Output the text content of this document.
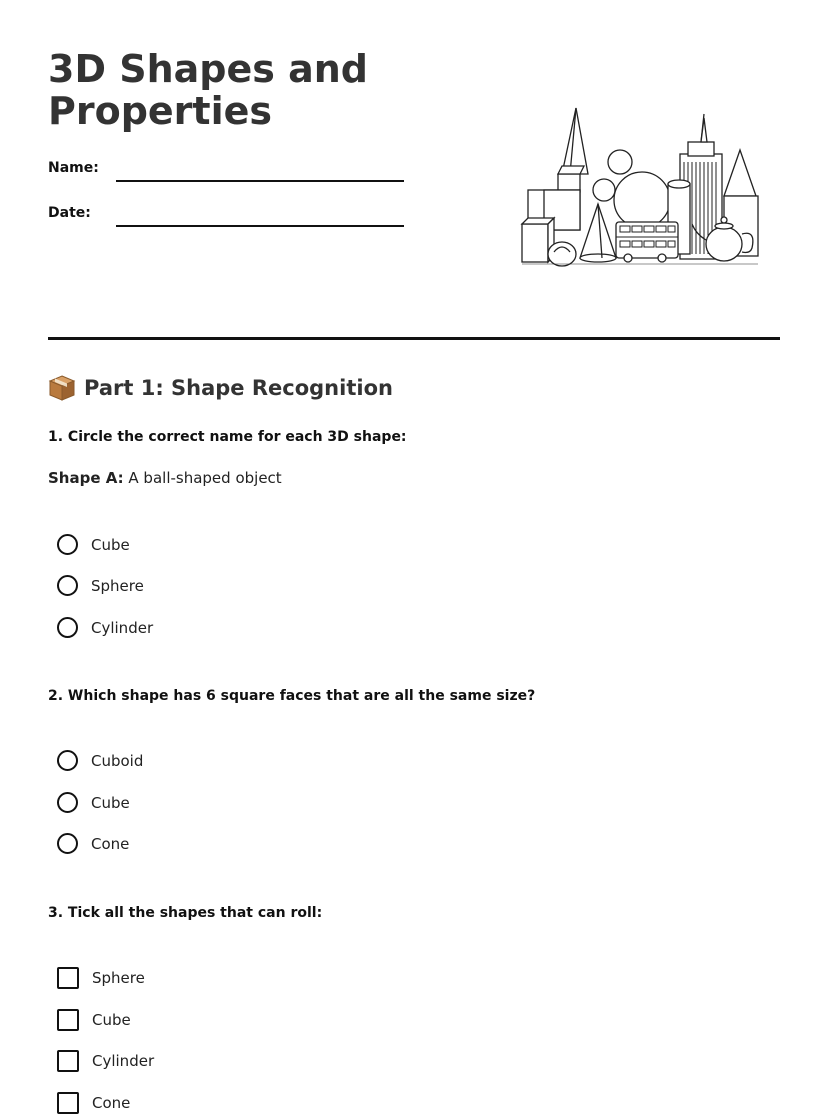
3D Shapes and Properties
Name:
Date:
Part 1: Shape Recognition

1. Circle the correct name for each 3D shape:

Shape A: A ball-shaped object

Cube
Sphere
Cylinder

2. Which shape has 6 square faces that are all the same size?

Cuboid
Cube
Cone

3. Tick all the shapes that can roll:

Sphere
Cube
Cylinder
Cone
